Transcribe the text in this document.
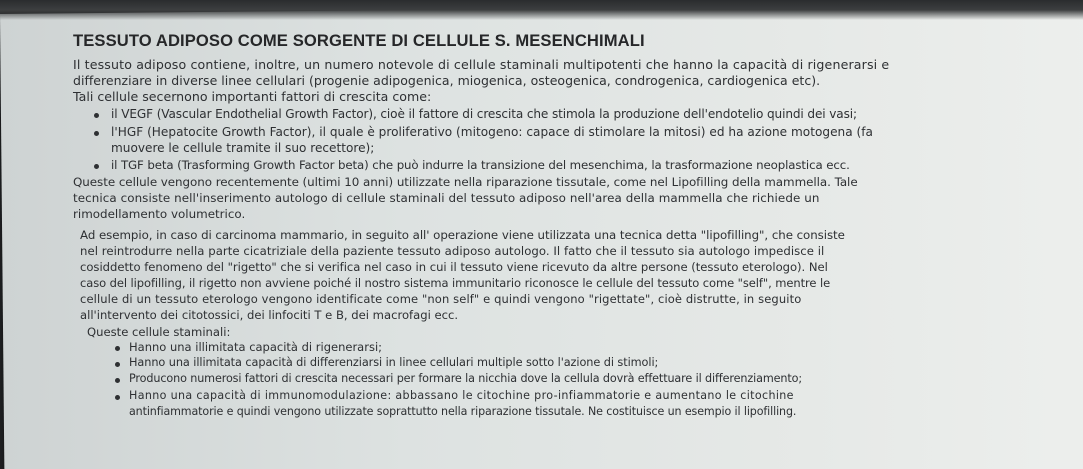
TESSUTO ADIPOSO COME SORGENTE DI CELLULE S. MESENCHIMALI
Il tessuto adiposo contiene, inoltre, un numero notevole di cellule staminali multipotenti che hanno la capacità di rigenerarsi e
differenziare in diverse linee cellulari (progenie adipogenica, miogenica, osteogenica, condrogenica, cardiogenica etc).
Tali cellule secernono importanti fattori di crescita come:
il VEGF (Vascular Endothelial Growth Factor), cioè il fattore di crescita che stimola la produzione dell'endotelio quindi dei vasi;
l'HGF (Hepatocite Growth Factor), il quale è proliferativo (mitogeno: capace di stimolare la mitosi) ed ha azione motogena (fa
muovere le cellule tramite il suo recettore);
il TGF beta (Trasforming Growth Factor beta) che può indurre la transizione del mesenchima, la trasformazione neoplastica ecc.
Queste cellule vengono recentemente (ultimi 10 anni) utilizzate nella riparazione tissutale, come nel Lipofilling della mammella. Tale
tecnica consiste nell'inserimento autologo di cellule staminali del tessuto adiposo nell'area della mammella che richiede un
rimodellamento volumetrico.
Ad esempio, in caso di carcinoma mammario, in seguito all' operazione viene utilizzata una tecnica detta "lipofilling", che consiste
nel reintrodurre nella parte cicatriziale della paziente tessuto adiposo autologo. Il fatto che il tessuto sia autologo impedisce il
cosiddetto fenomeno del "rigetto" che si verifica nel caso in cui il tessuto viene ricevuto da altre persone (tessuto eterologo). Nel
caso del lipofilling, il rigetto non avviene poiché il nostro sistema immunitario riconosce le cellule del tessuto come "self", mentre le
cellule di un tessuto eterologo vengono identificate come "non self" e quindi vengono "rigettate", cioè distrutte, in seguito
all'intervento dei citotossici, dei linfociti T e B, dei macrofagi ecc.
Queste cellule staminali:
Hanno una illimitata capacità di rigenerarsi;
Hanno una illimitata capacità di differenziarsi in linee cellulari multiple sotto l'azione di stimoli;
Producono numerosi fattori di crescita necessari per formare la nicchia dove la cellula dovrà effettuare il differenziamento;
Hanno una capacità di immunomodulazione: abbassano le citochine pro-infiammatorie e aumentano le citochine
antinfiammatorie e quindi vengono utilizzate soprattutto nella riparazione tissutale. Ne costituisce un esempio il lipofilling.
